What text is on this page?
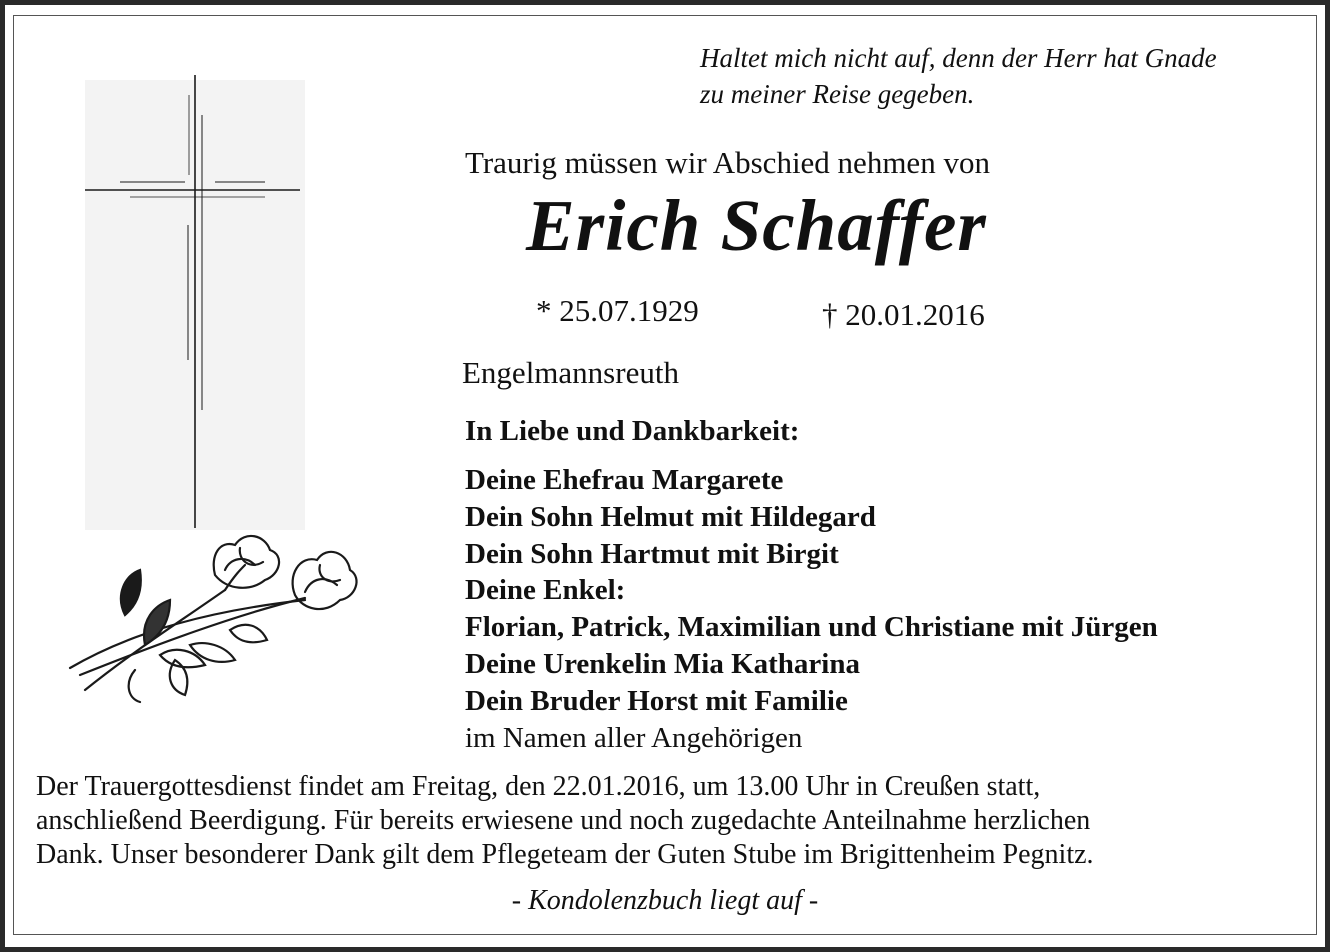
Haltet mich nicht auf, denn der Herr hat Gnade
zu meiner Reise gegeben.
Traurig müssen wir Abschied nehmen von
Erich Schaffer
* 25.07.1929	† 20.01.2016
Engelmannsreuth
In Liebe und Dankbarkeit:
Deine Ehefrau Margarete
Dein Sohn Helmut mit Hildegard
Dein Sohn Hartmut mit Birgit
Deine Enkel:
Florian, Patrick, Maximilian und Christiane mit Jürgen
Deine Urenkelin Mia Katharina
Dein Bruder Horst mit Familie
im Namen aller Angehörigen
Der Trauergottesdienst findet am Freitag, den 22.01.2016, um 13.00 Uhr in Creußen statt,
anschließend Beerdigung. Für bereits erwiesene und noch zugedachte Anteilnahme herzlichen
Dank. Unser besonderer Dank gilt dem Pflegeteam der Guten Stube im Brigittenheim Pegnitz.
- Kondolenzbuch liegt auf -
